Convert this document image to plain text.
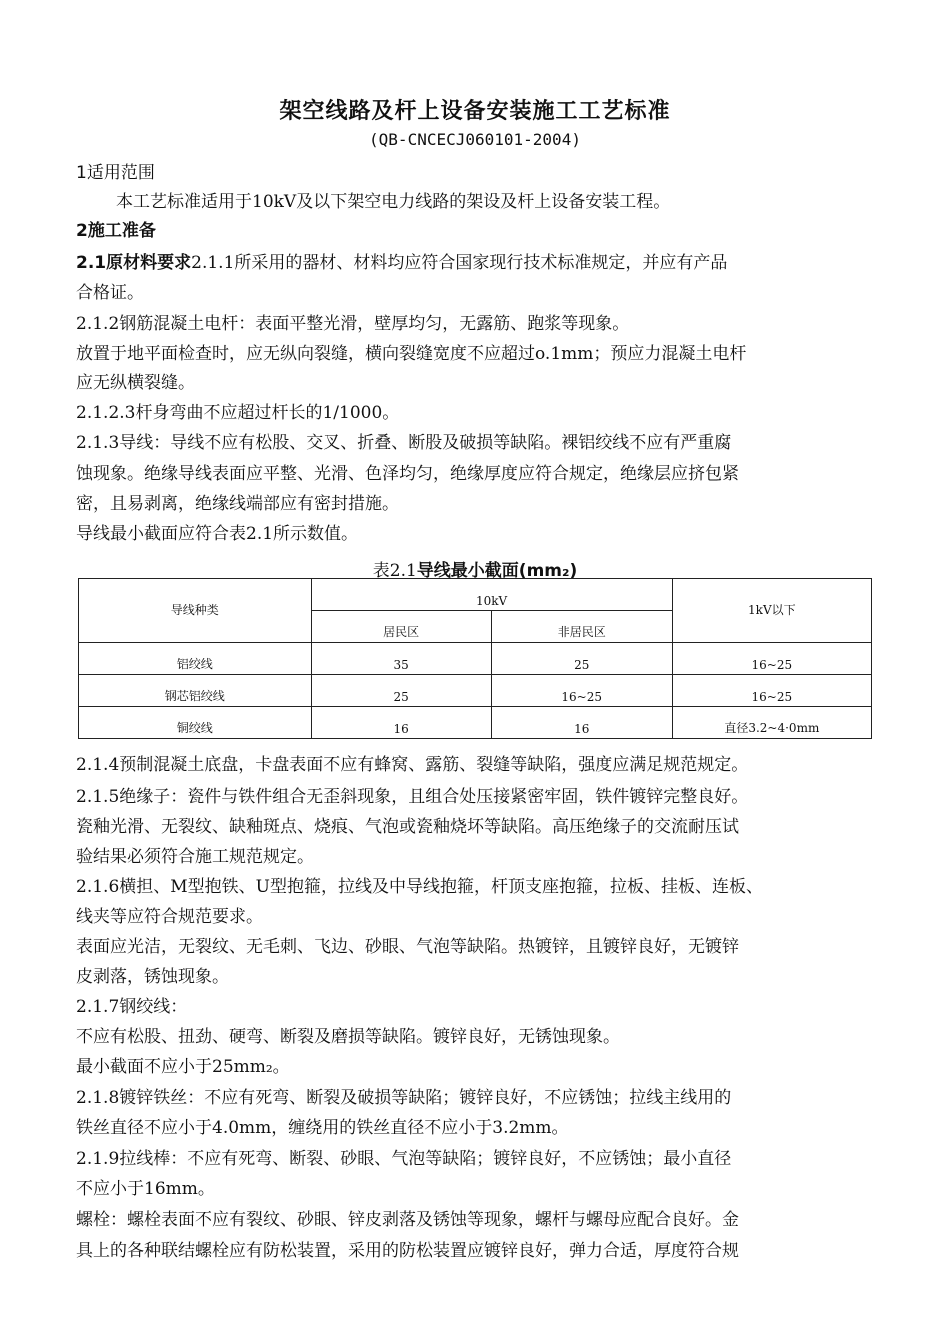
架空线路及杆上设备安装施工工艺标准
(QB-CNCECJ060101-2004)
1适用范围
本工艺标准适用于10kV及以下架空电力线路的架设及杆上设备安装工程。
2施工准备
2.1原材料要求2.1.1所采用的器材、材料均应符合国家现行技术标准规定，并应有产品
合格证。
2.1.2钢筋混凝土电杆：表面平整光滑，壁厚均匀，无露筋、跑浆等现象。
放置于地平面检查时，应无纵向裂缝，横向裂缝宽度不应超过o.1mm；预应力混凝土电杆
应无纵横裂缝。
2.1.2.3杆身弯曲不应超过杆长的1/1000。
2.1.3导线：导线不应有松股、交叉、折叠、断股及破损等缺陷。裸铝绞线不应有严重腐
蚀现象。绝缘导线表面应平整、光滑、色泽均匀，绝缘厚度应符合规定，绝缘层应挤包紧
密，且易剥离，绝缘线端部应有密封措施。
导线最小截面应符合表2.1所示数值。
表2.1导线最小截面(mm₂)
导线种类	10kV		1kV以下
	居民区	非居民区	
铝绞线	35	25	16~25
钢芯铝绞线	25	16~25	16~25
铜绞线	16	16	直径3.2~4·0mm
2.1.4预制混凝土底盘，卡盘表面不应有蜂窝、露筋、裂缝等缺陷，强度应满足规范规定。
2.1.5绝缘子：瓷件与铁件组合无歪斜现象，且组合处压接紧密牢固，铁件镀锌完整良好。
瓷釉光滑、无裂纹、缺釉斑点、烧痕、气泡或瓷釉烧坏等缺陷。高压绝缘子的交流耐压试
验结果必须符合施工规范规定。
2.1.6横担、M型抱铁、U型抱箍，拉线及中导线抱箍，杆顶支座抱箍，拉板、挂板、连板、
线夹等应符合规范要求。
表面应光洁，无裂纹、无毛刺、飞边、砂眼、气泡等缺陷。热镀锌，且镀锌良好，无镀锌
皮剥落，锈蚀现象。
2.1.7钢绞线：
不应有松股、扭劲、硬弯、断裂及磨损等缺陷。镀锌良好，无锈蚀现象。
最小截面不应小于25mm₂。
2.1.8镀锌铁丝：不应有死弯、断裂及破损等缺陷；镀锌良好，不应锈蚀；拉线主线用的
铁丝直径不应小于4.0mm，缠绕用的铁丝直径不应小于3.2mm。
2.1.9拉线棒：不应有死弯、断裂、砂眼、气泡等缺陷；镀锌良好，不应锈蚀；最小直径
不应小于16mm。
螺栓：螺栓表面不应有裂纹、砂眼、锌皮剥落及锈蚀等现象，螺杆与螺母应配合良好。金
具上的各种联结螺栓应有防松装置，采用的防松装置应镀锌良好，弹力合适，厚度符合规
